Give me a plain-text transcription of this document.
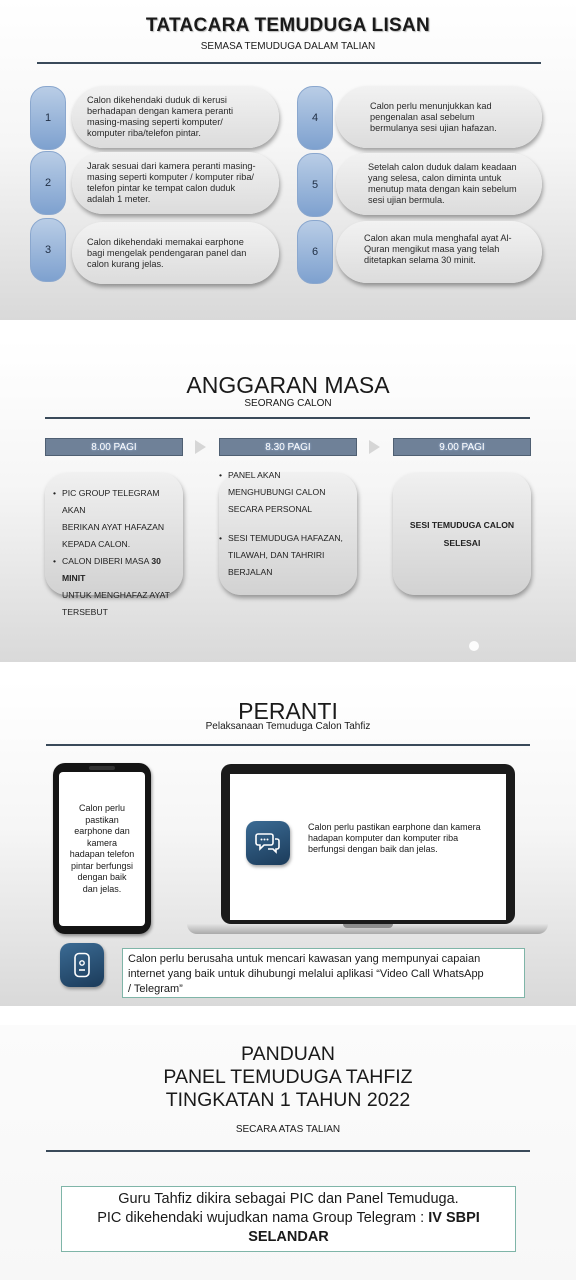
TATACARA TEMUDUGA LISAN
SEMASA TEMUDUGA DALAM TALIAN
1
Calon dikehendaki duduk di kerusi
berhadapan dengan kamera peranti
masing-masing seperti komputer/
komputer riba/telefon pintar.
2
Jarak sesuai dari kamera peranti masing-
masing seperti komputer / komputer riba/
telefon pintar ke tempat calon duduk
adalah 1 meter.
3
Calon dikehendaki memakai earphone
bagi mengelak pendengaran panel dan
calon kurang jelas.
4
Calon perlu menunjukkan kad
pengenalan asal sebelum
bermulanya sesi ujian hafazan.
5
Setelah calon duduk dalam keadaan
yang selesa, calon diminta untuk
menutup mata dengan kain sebelum
sesi ujian bermula.
6
Calon akan mula menghafal ayat Al-
Quran mengikut masa yang telah
ditetapkan selama 30 minit.
ANGGARAN MASA
SEORANG CALON
8.00 PAGI	8.30 PAGI	9.00 PAGI
• PIC GROUP TELEGRAM AKAN
BERIKAN AYAT HAFAZAN
KEPADA CALON.
• CALON DIBERI MASA 30 MINIT
UNTUK MENGHAFAZ AYAT
TERSEBUT
• PANEL AKAN
MENGHUBUNGI CALON
SECARA PERSONAL
• SESI TEMUDUGA HAFAZAN,
TILAWAH, DAN TAHRIRI
BERJALAN
SESI TEMUDUGA CALON
SELESAI
PERANTI
Pelaksanaan Temuduga Calon Tahfiz
Calon perlu
pastikan
earphone dan
kamera
hadapan telefon
pintar berfungsi
dengan baik
dan jelas.
Calon perlu pastikan earphone dan kamera
hadapan komputer dan komputer riba
berfungsi dengan baik dan jelas.
Calon perlu berusaha untuk mencari kawasan yang mempunyai capaian
internet yang baik untuk dihubungi melalui aplikasi “Video Call WhatsApp
/ Telegram”
PANDUAN
PANEL TEMUDUGA TAHFIZ
TINGKATAN 1 TAHUN 2022
SECARA ATAS TALIAN
Guru Tahfiz dikira sebagai PIC dan Panel Temuduga.
PIC dikehendaki wujudkan nama Group Telegram : IV SBPI
SELANDAR
